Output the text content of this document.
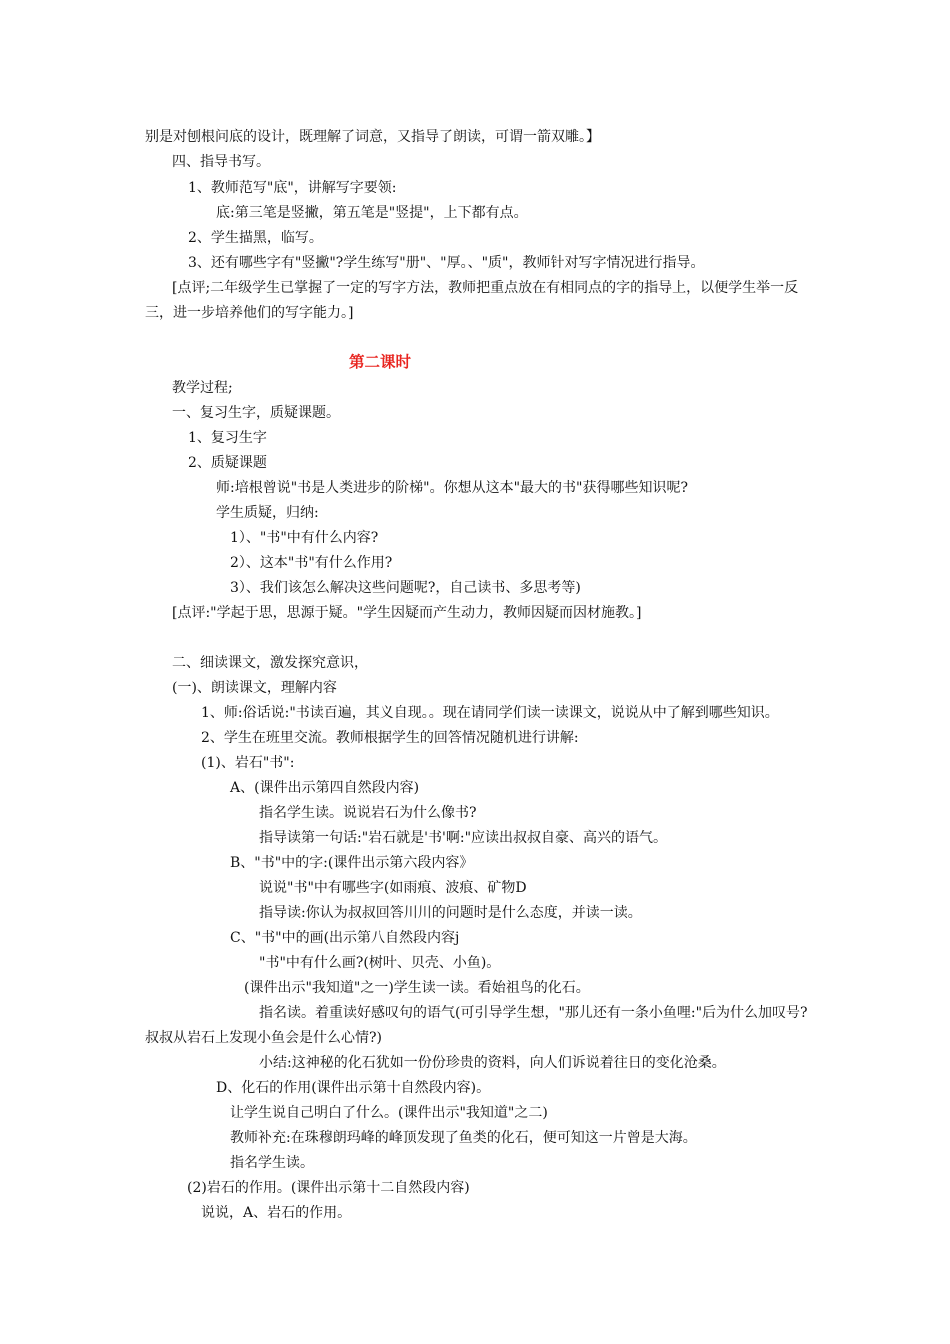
别是对刨根问底的设计，既理解了词意，又指导了朗读，可谓一箭双雕。】
四、指导书写。
1、教师范写"底"，讲解写字要领:
底:第三笔是竖撇，第五笔是"竖提"，上下都有点。
2、学生描黑，临写。
3、还有哪些字有"竖撇"?学生练写"册"、"厚。、"质"，教师针对写字情况进行指导。
[点评;二年级学生已掌握了一定的写字方法，教师把重点放在有相同点的字的指导上，以便学生举一反
三，进一步培养他们的写字能力。]
第二课时
教学过程;
一、复习生字，质疑课题。
1、复习生字
2、质疑课题
师:培根曾说"书是人类进步的阶梯"。你想从这本"最大的书"获得哪些知识呢?
学生质疑，归纳:
1）、"书"中有什么内容?
2）、这本"书"有什么作用?
3）、我们该怎么解决这些问题呢?，自己读书、多思考等)
[点评:"学起于思，思源于疑。"学生因疑而产生动力，教师因疑而因材施教。]
二、细读课文，激发探究意识，
(一)、朗读课文，理解内容
1、师:俗话说:"书读百遍，其义自现。。现在请同学们读一读课文，说说从中了解到哪些知识。
2、学生在班里交流。教师根据学生的回答情况随机进行讲解:
(1)、岩石"书":
A、(课件出示第四自然段内容)
指名学生读。说说岩石为什么像书?
指导读第一句话:"岩石就是'书'啊:"应读出叔叔自豪、高兴的语气。
B、"书"中的字:(课件出示第六段内容》
说说"书"中有哪些字(如雨痕、波痕、矿物D
指导读:你认为叔叔回答川川的问题时是什么态度，并读一读。
C、"书"中的画(出示第八自然段内容j
"书"中有什么画?(树叶、贝壳、小鱼)。
(课件出示"我知道"之一)学生读一读。看始祖鸟的化石。
指名读。着重读好感叹句的语气(可引导学生想，"那儿还有一条小鱼哩:"后为什么加叹号?
叔叔从岩石上发现小鱼会是什么心情?)
小结:这神秘的化石犹如一份份珍贵的资料，向人们诉说着往日的变化沧桑。
D、化石的作用(课件出示第十自然段内容)。
让学生说自己明白了什么。(课件出示"我知道"之二)
教师补充:在珠穆朗玛峰的峰顶发现了鱼类的化石，便可知这一片曾是大海。
指名学生读。
(2)岩石的作用。(课件出示第十二自然段内容)
说说，A、岩石的作用。
